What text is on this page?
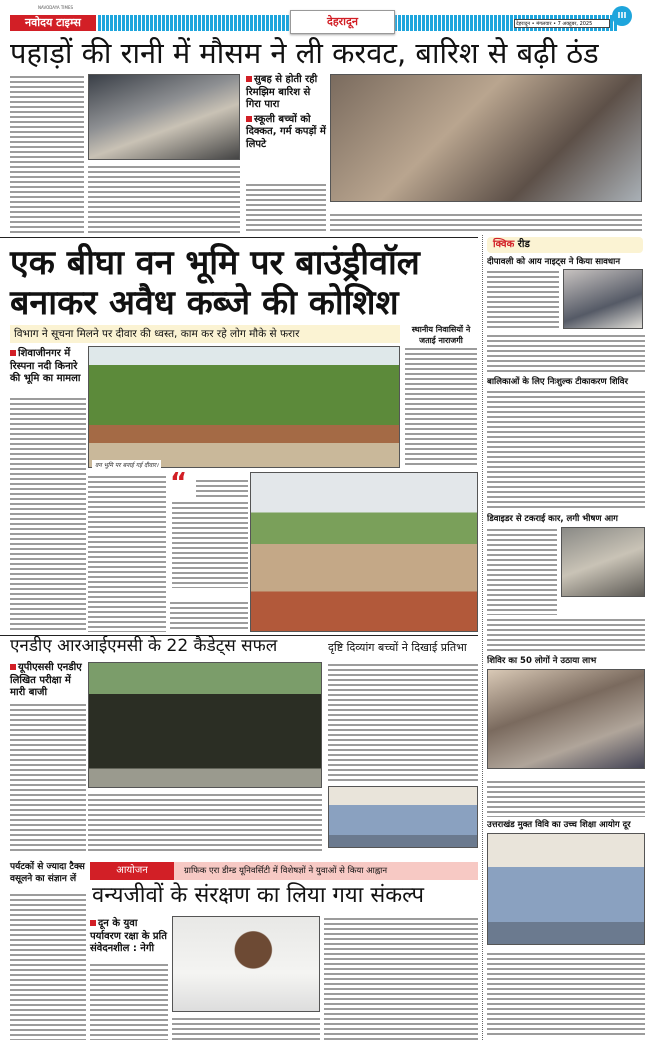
NAVODAYA TIMES
नवोदय टाइम्स	देहरादून	देहरादून • मंगलवार • 7 अक्टूबर, 2025
III
पहाड़ों की रानी में मौसम ने ली करवट, बारिश से बढ़ी ठंड
सुबह से होती रही रिमझिम बारिश से गिरा पारा
स्कूली बच्चों को दिक्कत, गर्म कपड़ों में लिपटे
एक बीघा वन भूमि पर बाउंड्रीवॉल
बनाकर अवैध कब्जे की कोशिश
विभाग ने सूचना मिलने पर दीवार की ध्वस्त, काम कर रहे लोग मौके से फरार	स्थानीय निवासियों ने जताई नाराजगी
शिवाजीनगर में रिस्पना नदी किनारे की भूमि का मामला
वन भूमि पर बनाई गई दीवार।
“
क्विक रीड
दीपावली को आय नाइट्स ने किया सावधान
बालिकाओं के लिए निःशुल्क टीकाकरण शिविर
डिवाइडर से टकराई कार, लगी भीषण आग
शिविर का 50 लोगों ने उठाया लाभ
उत्तराखंड मुक्त विवि का उच्च शिक्षा आयोग दूर
एनडीए आरआईएमसी के 22 कैडेट्स सफल
यूपीएससी एनडीए लिखित परीक्षा में मारी बाजी
दृष्टि दिव्यांग बच्चों ने दिखाई प्रतिभा
आयोजन	ग्राफिक एरा डीम्ड यूनिवर्सिटी में विशेषज्ञों ने युवाओं से किया आह्वान
वन्यजीवों के संरक्षण का लिया गया संकल्प
दून के युवा पर्यावरण रक्षा के प्रति संवेदनशील : नेगी
पर्यटकों से ज्यादा टैक्स वसूलने का संज्ञान लें
